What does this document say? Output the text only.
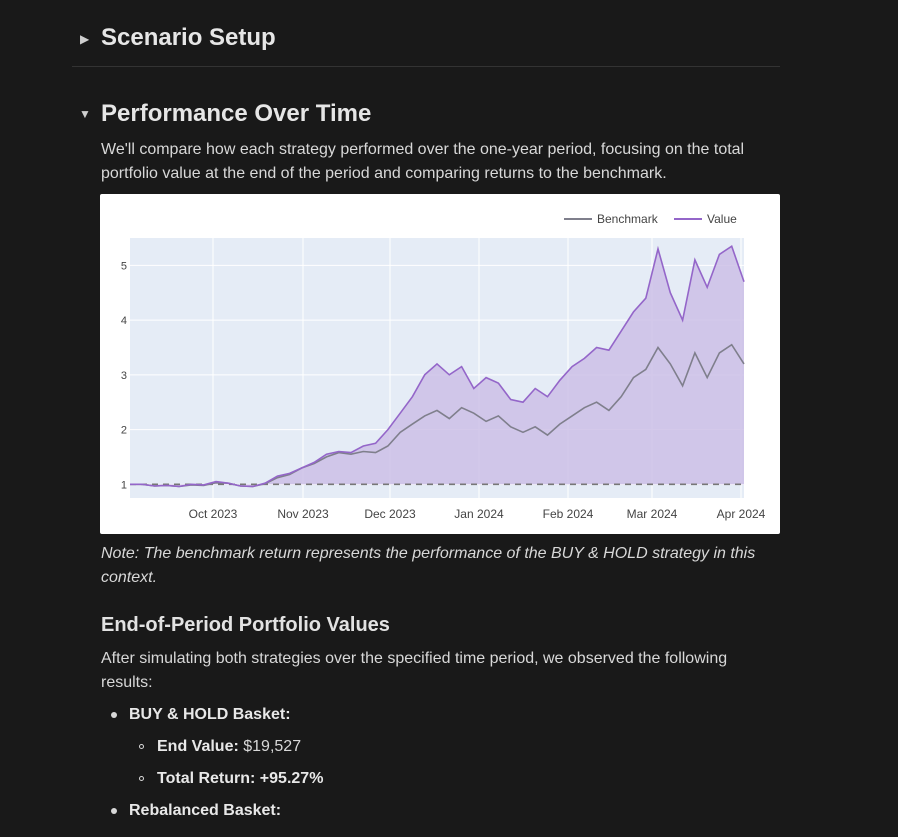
▶ Scenario Setup
▼ Performance Over Time
We'll compare how each strategy performed over the one-year period, focusing on the total portfolio value at the end of the period and comparing returns to the benchmark.
Oct 2023	Nov 2023	Dec 2023	Jan 2024	Feb 2024	Mar 2024	Apr 2024
1
2
3
4
5
Benchmark	Value
Note: The benchmark return represents the performance of the BUY & HOLD strategy in this context.
End-of-Period Portfolio Values
After simulating both strategies over the specified time period, we observed the following results:
BUY & HOLD Basket:
End Value: $19,527
Total Return: +95.27%
Rebalanced Basket:
